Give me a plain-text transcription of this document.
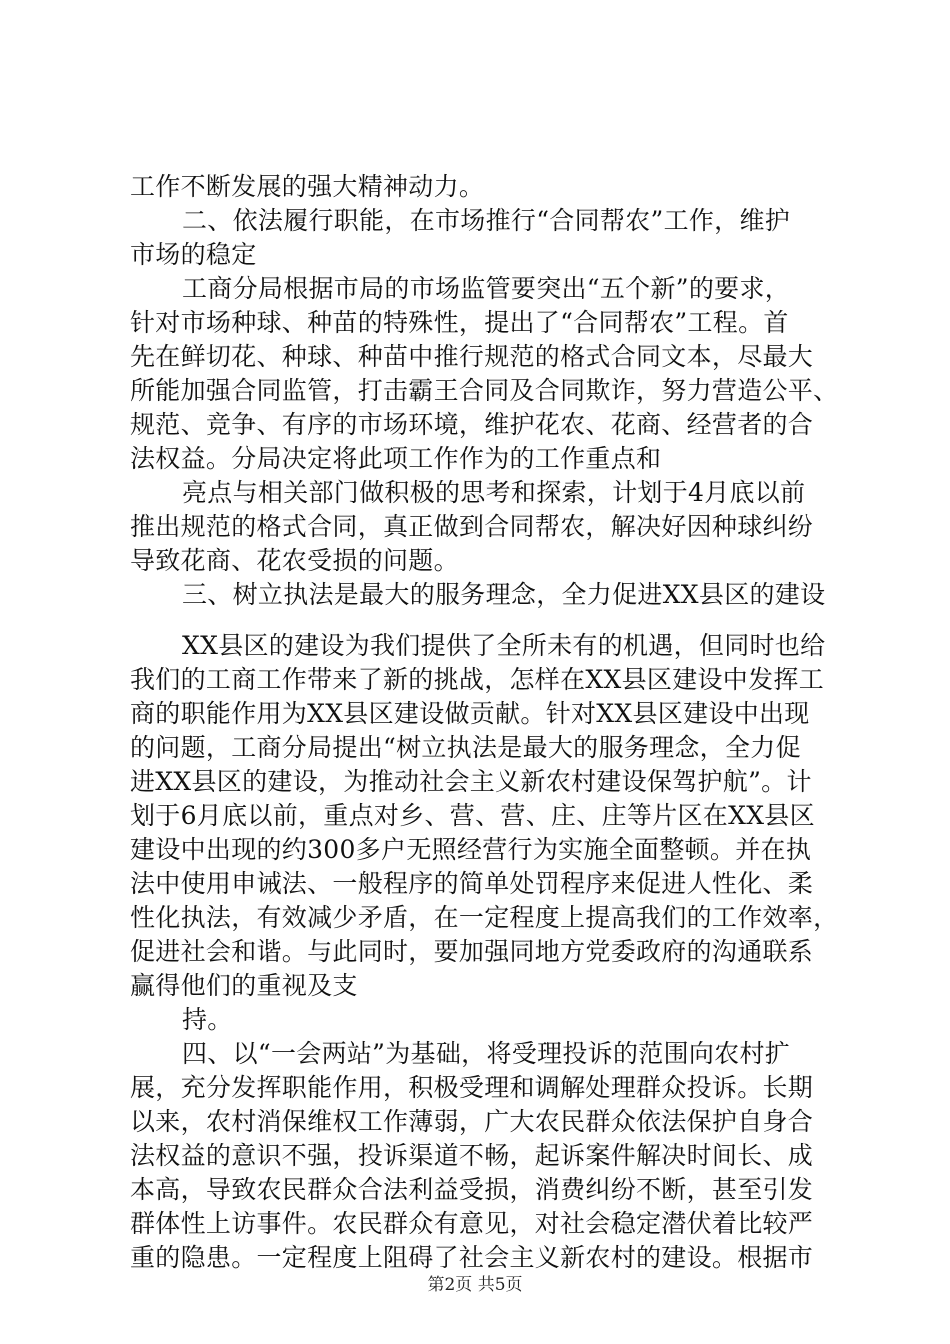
工作不断发展的强大精神动力。
二、依法履行职能，在市场推行“合同帮农”工作，维护
市场的稳定
工商分局根据市局的市场监管要突出“五个新”的要求，
针对市场种球、种苗的特殊性，提出了“合同帮农”工程。首
先在鲜切花、种球、种苗中推行规范的格式合同文本，尽最大
所能加强合同监管，打击霸王合同及合同欺诈，努力营造公平、
规范、竞争、有序的市场环境，维护花农、花商、经营者的合
法权益。分局决定将此项工作作为的工作重点和
亮点与相关部门做积极的思考和探索，计划于4月底以前
推出规范的格式合同，真正做到合同帮农，解决好因种球纠纷
导致花商、花农受损的问题。
三、树立执法是最大的服务理念，全力促进XX县区的建设
XX县区的建设为我们提供了全所未有的机遇，但同时也给
我们的工商工作带来了新的挑战，怎样在XX县区建设中发挥工
商的职能作用为XX县区建设做贡献。针对XX县区建设中出现
的问题，工商分局提出“树立执法是最大的服务理念，全力促
进XX县区的建设，为推动社会主义新农村建设保驾护航”。计
划于6月底以前，重点对乡、营、营、庄、庄等片区在XX县区
建设中出现的约300多户无照经营行为实施全面整顿。并在执
法中使用申诫法、一般程序的简单处罚程序来促进人性化、柔
性化执法，有效减少矛盾，在一定程度上提高我们的工作效率，
促进社会和谐。与此同时，要加强同地方党委政府的沟通联系
赢得他们的重视及支
持。
四、以“一会两站”为基础，将受理投诉的范围向农村扩
展，充分发挥职能作用，积极受理和调解处理群众投诉。长期
以来，农村消保维权工作薄弱，广大农民群众依法保护自身合
法权益的意识不强，投诉渠道不畅，起诉案件解决时间长、成
本高，导致农民群众合法利益受损，消费纠纷不断，甚至引发
群体性上访事件。农民群众有意见，对社会稳定潜伏着比较严
重的隐患。一定程度上阻碍了社会主义新农村的建设。根据市
第2页 共5页
